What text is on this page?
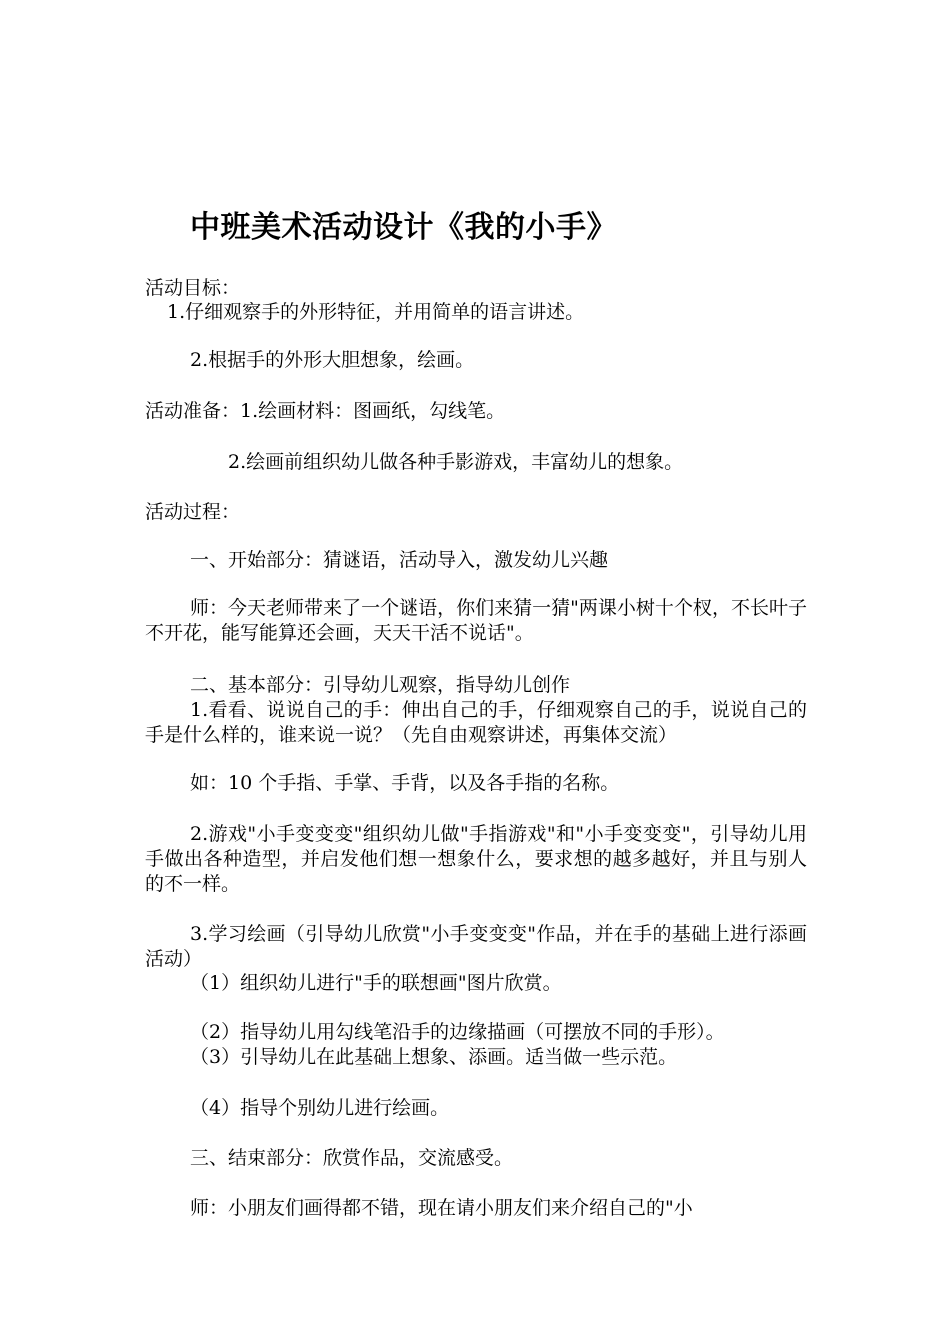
中班美术活动设计《我的小手》
活动目标：
1.仔细观察手的外形特征，并用简单的语言讲述。
2.根据手的外形大胆想象，绘画。
活动准备：1.绘画材料：图画纸，勾线笔。
2.绘画前组织幼儿做各种手影游戏，丰富幼儿的想象。
活动过程：
一、开始部分：猜谜语，活动导入，激发幼儿兴趣
师：今天老师带来了一个谜语，你们来猜一猜"两课小树十个杈，不长叶子不开花，能写能算还会画，天天干活不说话"。
二、基本部分：引导幼儿观察，指导幼儿创作
1.看看、说说自己的手：伸出自己的手，仔细观察自己的手，说说自己的手是什么样的，谁来说一说？（先自由观察讲述，再集体交流）
如：10 个手指、手掌、手背，以及各手指的名称。
2.游戏"小手变变变"组织幼儿做"手指游戏"和"小手变变变"，引导幼儿用手做出各种造型，并启发他们想一想象什么，要求想的越多越好，并且与别人的不一样。
3.学习绘画（引导幼儿欣赏"小手变变变"作品，并在手的基础上进行添画活动）
（1）组织幼儿进行"手的联想画"图片欣赏。
（2）指导幼儿用勾线笔沿手的边缘描画（可摆放不同的手形）。
（3）引导幼儿在此基础上想象、添画。适当做一些示范。
（4）指导个别幼儿进行绘画。
三、结束部分：欣赏作品，交流感受。
师：小朋友们画得都不错，现在请小朋友们来介绍自己的"小
